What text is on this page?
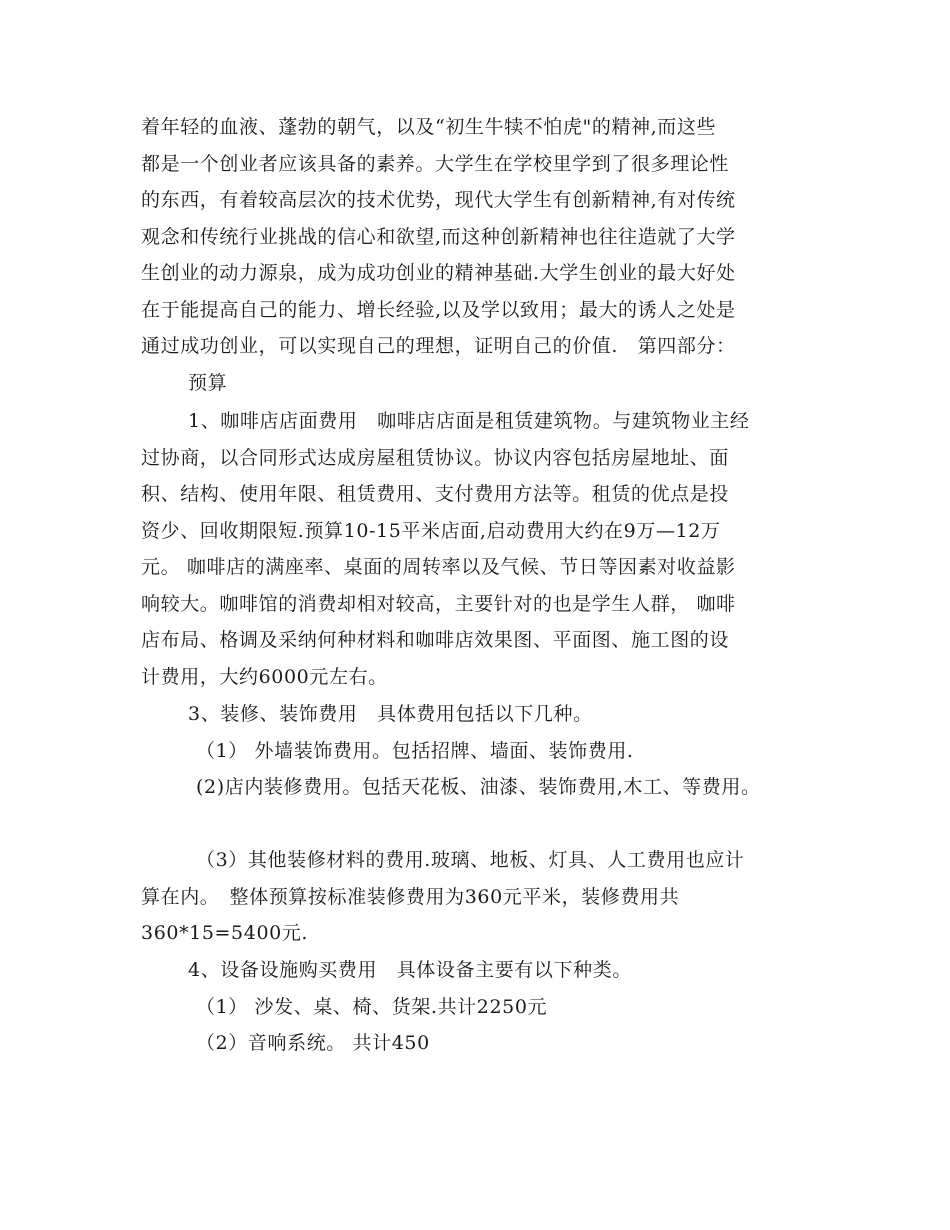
着年轻的血液、蓬勃的朝气，以及“初生牛犊不怕虎"的精神,而这些
都是一个创业者应该具备的素养。大学生在学校里学到了很多理论性
的东西，有着较高层次的技术优势，现代大学生有创新精神,有对传统
观念和传统行业挑战的信心和欲望,而这种创新精神也往往造就了大学
生创业的动力源泉，成为成功创业的精神基础.大学生创业的最大好处
在于能提高自己的能力、增长经验,以及学以致用；最大的诱人之处是
通过成功创业，可以实现自己的理想，证明自己的价值.　第四部分：
预算
1、咖啡店店面费用　咖啡店店面是租赁建筑物。与建筑物业主经
过协商，以合同形式达成房屋租赁协议。协议内容包括房屋地址、面
积、结构、使用年限、租赁费用、支付费用方法等。租赁的优点是投
资少、回收期限短.预算10-15平米店面,启动费用大约在9万—12万
元。 咖啡店的满座率、桌面的周转率以及气候、节日等因素对收益影
响较大。咖啡馆的消费却相对较高，主要针对的也是学生人群， 咖啡
店布局、格调及采纳何种材料和咖啡店效果图、平面图、施工图的设
计费用，大约6000元左右。
3、装修、装饰费用　具体费用包括以下几种。
（1） 外墙装饰费用。包括招牌、墙面、装饰费用.
(2)店内装修费用。包括天花板、油漆、装饰费用,木工、等费用。
（3）其他装修材料的费用.玻璃、地板、灯具、人工费用也应计
算在内。　整体预算按标准装修费用为360元平米，装修费用共
360*15=5400元.
4、设备设施购买费用　具体设备主要有以下种类。
（1） 沙发、桌、椅、货架.共计2250元
（2）音响系统。 共计450
